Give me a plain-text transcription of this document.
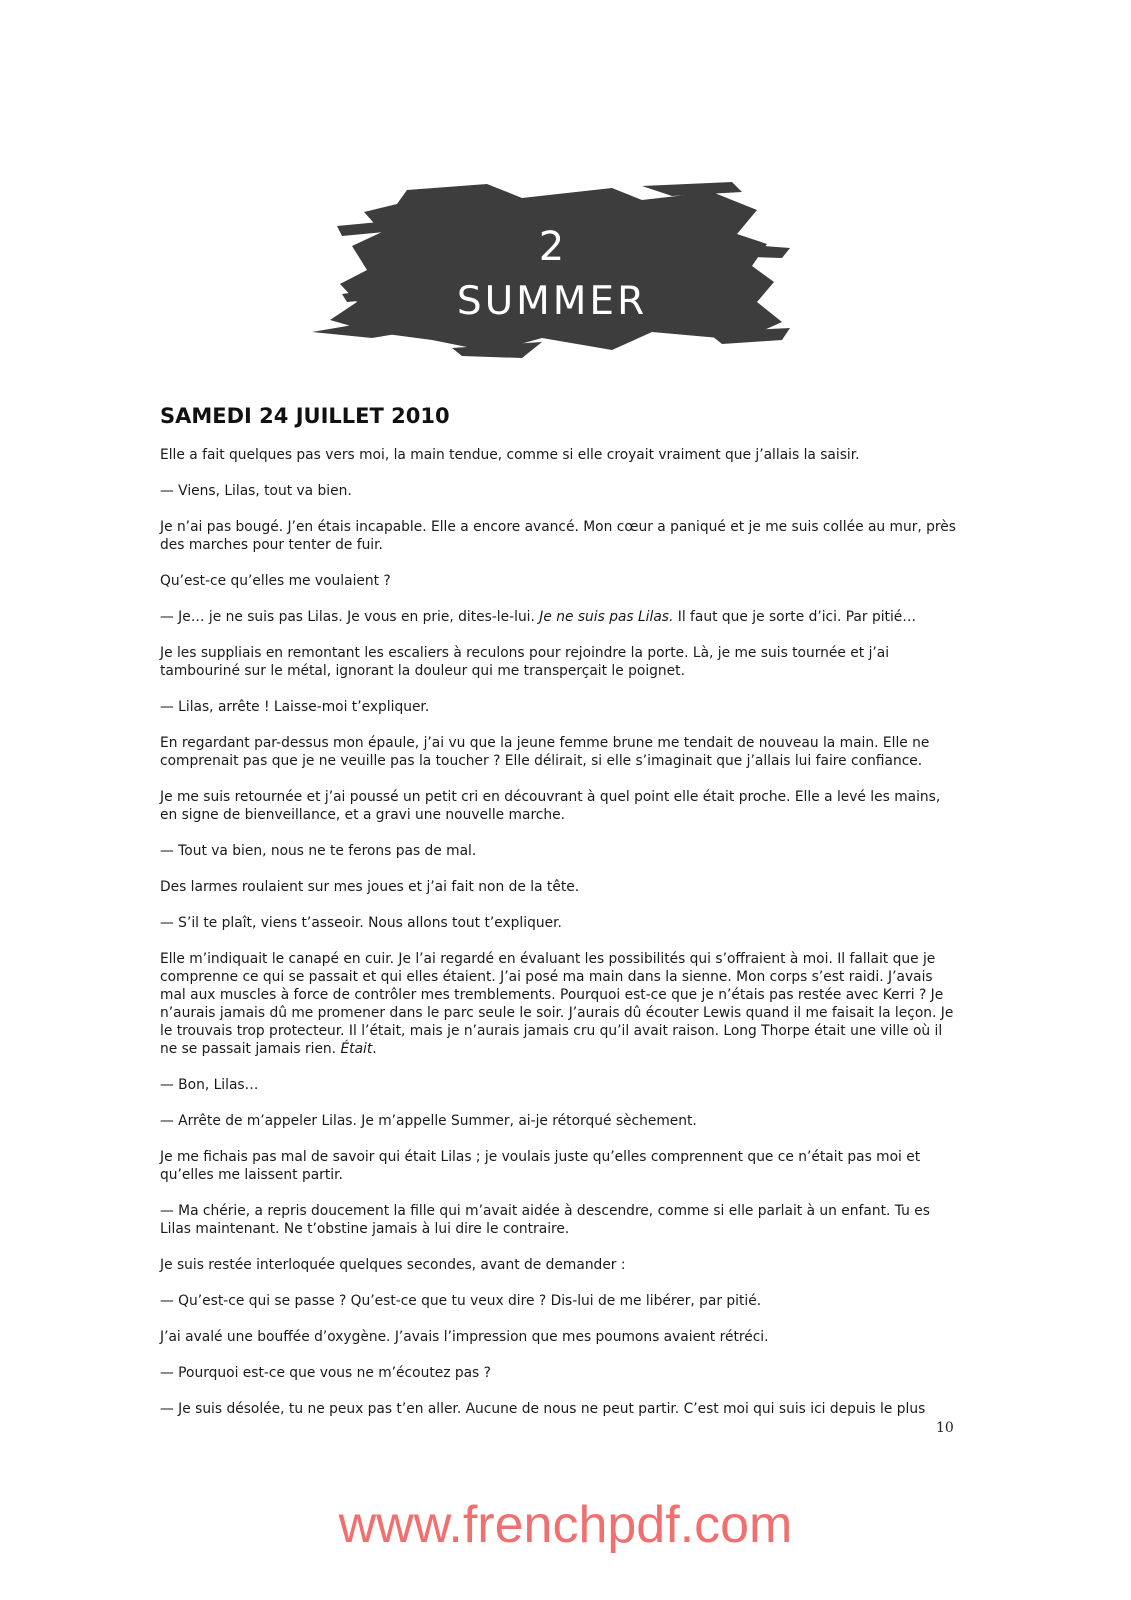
2
SUMMER
SAMEDI 24 JUILLET 2010

Elle a fait quelques pas vers moi, la main tendue, comme si elle croyait vraiment que j’allais la saisir.

— Viens, Lilas, tout va bien.

Je n’ai pas bougé. J’en étais incapable. Elle a encore avancé. Mon cœur a paniqué et je me suis collée au mur, près des marches pour tenter de fuir.

Qu’est-ce qu’elles me voulaient ?

— Je… je ne suis pas Lilas. Je vous en prie, dites-le-lui. Je ne suis pas Lilas. Il faut que je sorte d’ici. Par pitié…

Je les suppliais en remontant les escaliers à reculons pour rejoindre la porte. Là, je me suis tournée et j’ai tambouriné sur le métal, ignorant la douleur qui me transperçait le poignet.

— Lilas, arrête ! Laisse-moi t’expliquer.

En regardant par-dessus mon épaule, j’ai vu que la jeune femme brune me tendait de nouveau la main. Elle ne comprenait pas que je ne veuille pas la toucher ? Elle délirait, si elle s’imaginait que j’allais lui faire confiance.

Je me suis retournée et j’ai poussé un petit cri en découvrant à quel point elle était proche. Elle a levé les mains, en signe de bienveillance, et a gravi une nouvelle marche.

— Tout va bien, nous ne te ferons pas de mal.

Des larmes roulaient sur mes joues et j’ai fait non de la tête.

— S’il te plaît, viens t’asseoir. Nous allons tout t’expliquer.

Elle m’indiquait le canapé en cuir. Je l’ai regardé en évaluant les possibilités qui s’offraient à moi. Il fallait que je comprenne ce qui se passait et qui elles étaient. J’ai posé ma main dans la sienne. Mon corps s’est raidi. J’avais mal aux muscles à force de contrôler mes tremblements. Pourquoi est-ce que je n’étais pas restée avec Kerri ? Je n’aurais jamais dû me promener dans le parc seule le soir. J’aurais dû écouter Lewis quand il me faisait la leçon. Je le trouvais trop protecteur. Il l’était, mais je n’aurais jamais cru qu’il avait raison. Long Thorpe était une ville où il ne se passait jamais rien. Était.

— Bon, Lilas…

— Arrête de m’appeler Lilas. Je m’appelle Summer, ai-je rétorqué sèchement.

Je me fichais pas mal de savoir qui était Lilas ; je voulais juste qu’elles comprennent que ce n’était pas moi et qu’elles me laissent partir.

— Ma chérie, a repris doucement la fille qui m’avait aidée à descendre, comme si elle parlait à un enfant. Tu es Lilas maintenant. Ne t’obstine jamais à lui dire le contraire.

Je suis restée interloquée quelques secondes, avant de demander :

— Qu’est-ce qui se passe ? Qu’est-ce que tu veux dire ? Dis-lui de me libérer, par pitié.

J’ai avalé une bouffée d’oxygène. J’avais l’impression que mes poumons avaient rétréci.

— Pourquoi est-ce que vous ne m’écoutez pas ?

— Je suis désolée, tu ne peux pas t’en aller. Aucune de nous ne peut partir. C’est moi qui suis ici depuis le plus

10
www.frenchpdf.com
